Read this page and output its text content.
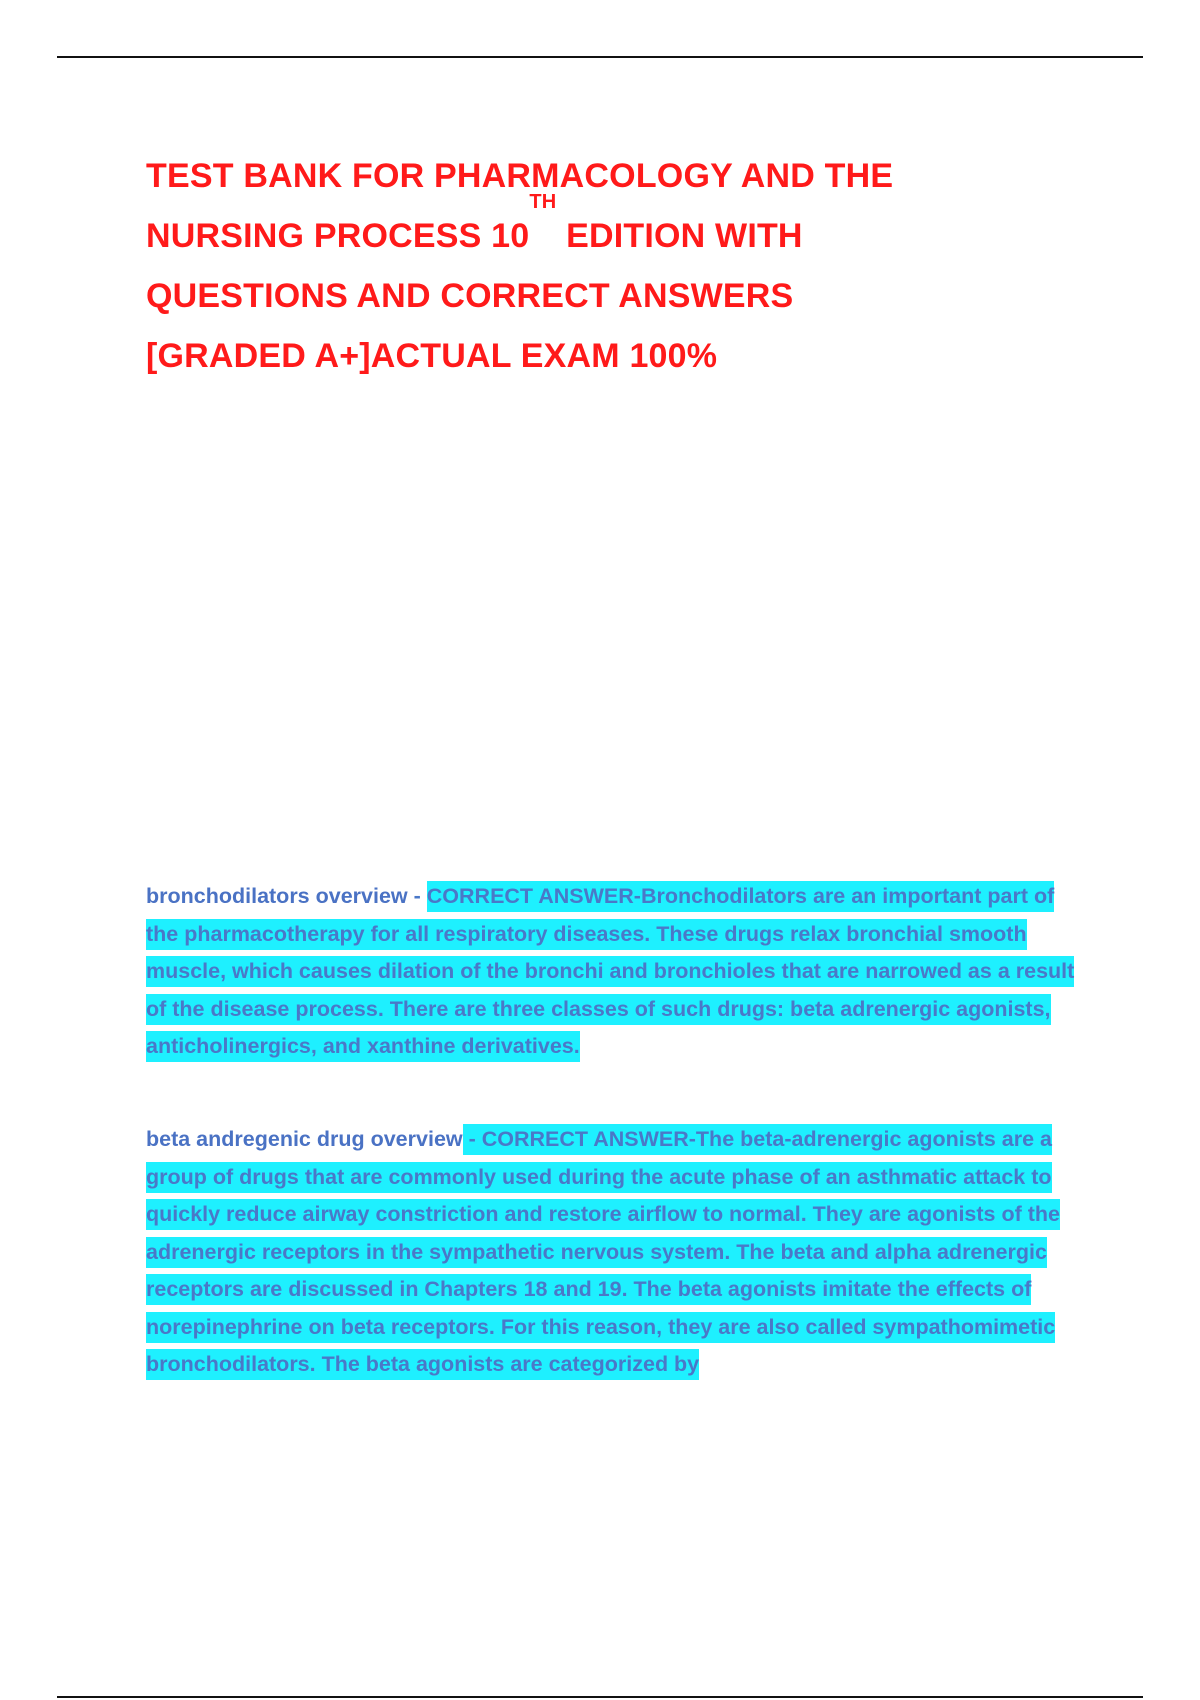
TEST BANK FOR PHARMACOLOGY AND THE
NURSING PROCESS 10TH EDITION WITH
QUESTIONS AND CORRECT ANSWERS
[GRADED A+]ACTUAL EXAM 100%

bronchodilators overview - CORRECT ANSWER-Bronchodilators are an important part of the pharmacotherapy for all respiratory diseases. These drugs relax bronchial smooth muscle, which causes dilation of the bronchi and bronchioles that are narrowed as a result of the disease process. There are three classes of such drugs: beta adrenergic agonists, anticholinergics, and xanthine derivatives.

beta andregenic drug overview - CORRECT ANSWER-The beta-adrenergic agonists are a group of drugs that are commonly used during the acute phase of an asthmatic attack to quickly reduce airway constriction and restore airflow to normal. They are agonists of the adrenergic receptors in the sympathetic nervous system. The beta and alpha adrenergic receptors are discussed in Chapters 18 and 19. The beta agonists imitate the effects of norepinephrine on beta receptors. For this reason, they are also called sympathomimetic bronchodilators. The beta agonists are categorized by
